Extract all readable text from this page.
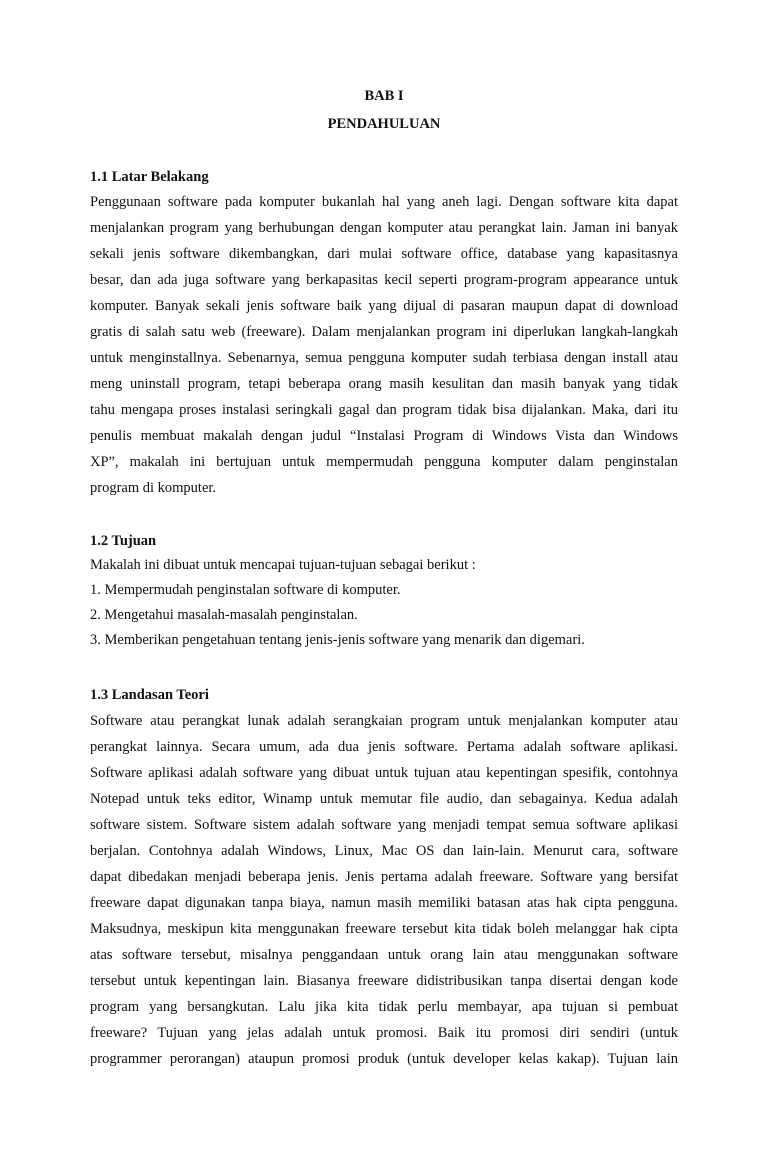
BAB I
PENDAHULUAN
1.1 Latar Belakang
Penggunaan software pada komputer bukanlah hal yang aneh lagi. Dengan software kita dapat
menjalankan program yang berhubungan dengan komputer atau perangkat lain. Jaman ini banyak
sekali jenis software dikembangkan, dari mulai software office, database yang kapasitasnya
besar, dan ada juga software yang berkapasitas kecil seperti program-program appearance untuk
komputer. Banyak sekali jenis software baik yang dijual di pasaran maupun dapat di download
gratis di salah satu web (freeware). Dalam menjalankan program ini diperlukan langkah-langkah
untuk menginstallnya. Sebenarnya, semua pengguna komputer sudah terbiasa dengan install atau
meng uninstall program, tetapi beberapa orang masih kesulitan dan masih banyak yang tidak
tahu mengapa proses instalasi seringkali gagal dan program tidak bisa dijalankan. Maka, dari itu
penulis membuat makalah dengan judul “Instalasi Program di Windows Vista dan Windows
XP”, makalah ini bertujuan untuk mempermudah pengguna komputer dalam penginstalan
program di komputer.
1.2 Tujuan
Makalah ini dibuat untuk mencapai tujuan-tujuan sebagai berikut :
1. Mempermudah penginstalan software di komputer.
2. Mengetahui masalah-masalah penginstalan.
3. Memberikan pengetahuan tentang jenis-jenis software yang menarik dan digemari.
1.3 Landasan Teori
Software atau perangkat lunak adalah serangkaian program untuk menjalankan komputer atau
perangkat lainnya. Secara umum, ada dua jenis software. Pertama adalah software aplikasi.
Software aplikasi adalah software yang dibuat untuk tujuan atau kepentingan spesifik, contohnya
Notepad untuk teks editor, Winamp untuk memutar file audio, dan sebagainya. Kedua adalah
software sistem. Software sistem adalah software yang menjadi tempat semua software aplikasi
berjalan. Contohnya adalah Windows, Linux, Mac OS dan lain-lain. Menurut cara, software
dapat dibedakan menjadi beberapa jenis. Jenis pertama adalah freeware. Software yang bersifat
freeware dapat digunakan tanpa biaya, namun masih memiliki batasan atas hak cipta pengguna.
Maksudnya, meskipun kita menggunakan freeware tersebut kita tidak boleh melanggar hak cipta
atas software tersebut, misalnya penggandaan untuk orang lain atau menggunakan software
tersebut untuk kepentingan lain. Biasanya freeware didistribusikan tanpa disertai dengan kode
program yang bersangkutan. Lalu jika kita tidak perlu membayar, apa tujuan si pembuat
freeware? Tujuan yang jelas adalah untuk promosi. Baik itu promosi diri sendiri (untuk
programmer perorangan) ataupun promosi produk (untuk developer kelas kakap). Tujuan lain
